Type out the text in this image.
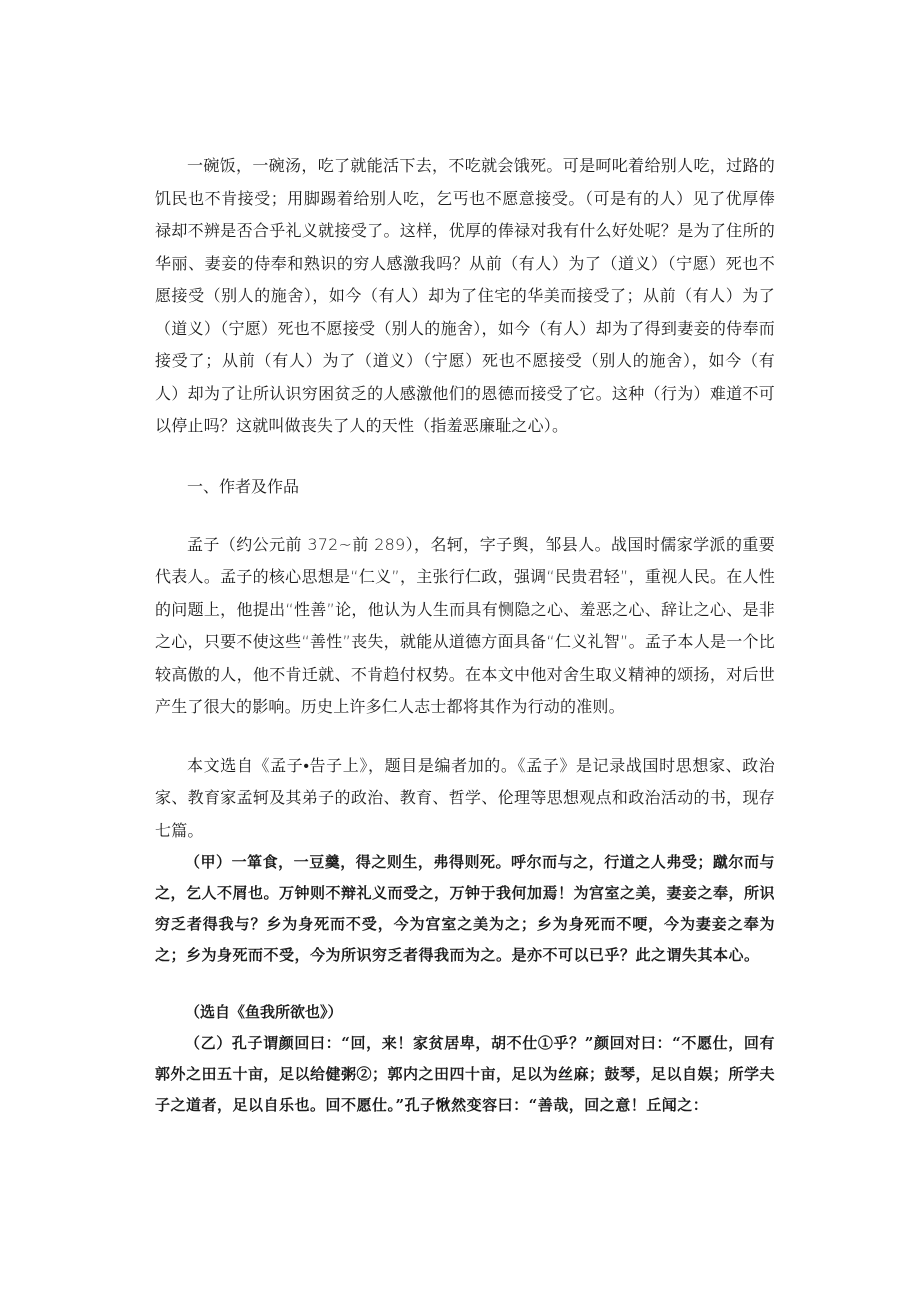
一碗饭，一碗汤，吃了就能活下去，不吃就会饿死。可是呵叱着给别人吃，过路的饥民也不肯接受；用脚踢着给别人吃，乞丐也不愿意接受。（可是有的人）见了优厚俸禄却不辨是否合乎礼义就接受了。这样，优厚的俸禄对我有什么好处呢？是为了住所的华丽、妻妾的侍奉和熟识的穷人感激我吗？从前（有人）为了（道义）（宁愿）死也不愿接受（别人的施舍），如今（有人）却为了住宅的华美而接受了；从前（有人）为了（道义）（宁愿）死也不愿接受（别人的施舍），如今（有人）却为了得到妻妾的侍奉而接受了；从前（有人）为了（道义）（宁愿）死也不愿接受（别人的施舍），如今（有人）却为了让所认识穷困贫乏的人感激他们的恩德而接受了它。这种（行为）难道不可以停止吗？这就叫做丧失了人的天性（指羞恶廉耻之心）。

一、作者及作品

孟子（约公元前 372~前 289），名轲，字子舆，邹县人。战国时儒家学派的重要代表人。孟子的核心思想是“仁义”，主张行仁政，强调“民贵君轻”，重视人民。在人性的问题上，他提出“性善”论，他认为人生而具有恻隐之心、羞恶之心、辞让之心、是非之心，只要不使这些“善性”丧失，就能从道德方面具备“仁义礼智”。孟子本人是一个比较高傲的人，他不肯迁就、不肯趋付权势。在本文中他对舍生取义精神的颂扬，对后世产生了很大的影响。历史上许多仁人志士都将其作为行动的准则。

本文选自《孟子•告子上》，题目是编者加的。《孟子》是记录战国时思想家、政治家、教育家孟轲及其弟子的政治、教育、哲学、伦理等思想观点和政治活动的书，现存七篇。

（甲）一箪食，一豆羹，得之则生，弗得则死。呼尔而与之，行道之人弗受；蹴尔而与之，乞人不屑也。万钟则不辩礼义而受之，万钟于我何加焉！为宫室之美，妻妾之奉，所识穷乏者得我与？乡为身死而不受，今为宫室之美为之；乡为身死而不哽，今为妻妾之奉为之；乡为身死而不受，今为所识穷乏者得我而为之。是亦不可以已乎？此之谓失其本心。

（选自《鱼我所欲也》）

（乙）孔子谓颜回曰：“回，来！家贫居卑，胡不仕①乎？”颜回对曰：“不愿仕，回有郭外之田五十亩，足以给健粥②；郭内之田四十亩，足以为丝麻；鼓琴，足以自娱；所学夫子之道者，足以自乐也。回不愿仕。”孔子愀然变容曰：“善哉，回之意！丘闻之：
